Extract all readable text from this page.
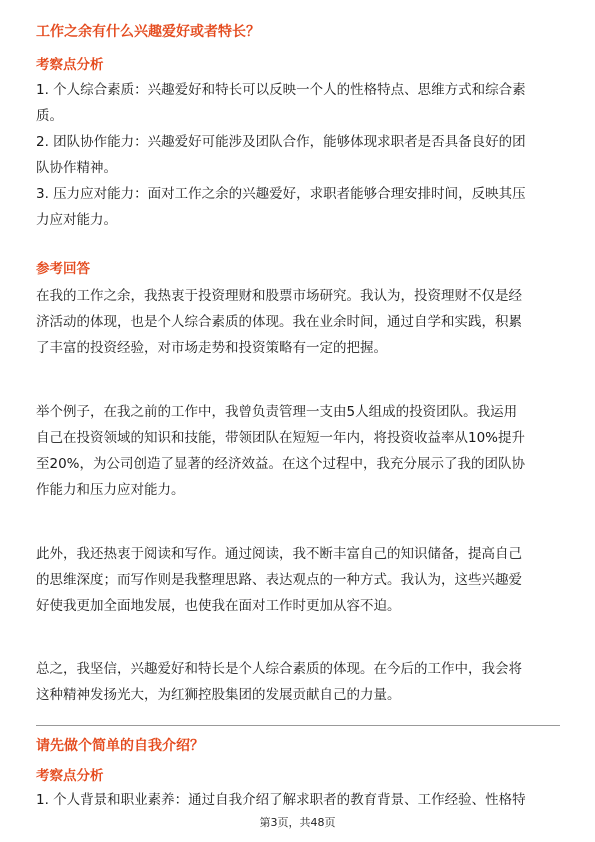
工作之余有什么兴趣爱好或者特长？
考察点分析

1. 个人综合素质：兴趣爱好和特长可以反映一个人的性格特点、思维方式和综合素

质。

2. 团队协作能力：兴趣爱好可能涉及团队合作，能够体现求职者是否具备良好的团

队协作精神。

3. 压力应对能力：面对工作之余的兴趣爱好，求职者能够合理安排时间，反映其压

力应对能力。

参考回答

在我的工作之余，我热衷于投资理财和股票市场研究。我认为，投资理财不仅是经

济活动的体现，也是个人综合素质的体现。我在业余时间，通过自学和实践，积累

了丰富的投资经验，对市场走势和投资策略有一定的把握。

举个例子，在我之前的工作中，我曾负责管理一支由5人组成的投资团队。我运用

自己在投资领域的知识和技能，带领团队在短短一年内，将投资收益率从10%提升

至20%，为公司创造了显著的经济效益。在这个过程中，我充分展示了我的团队协

作能力和压力应对能力。

此外，我还热衷于阅读和写作。通过阅读，我不断丰富自己的知识储备，提高自己

的思维深度；而写作则是我整理思路、表达观点的一种方式。我认为，这些兴趣爱

好使我更加全面地发展，也使我在面对工作时更加从容不迫。

总之，我坚信，兴趣爱好和特长是个人综合素质的体现。在今后的工作中，我会将

这种精神发扬光大，为红狮控股集团的发展贡献自己的力量。

请先做个简单的自我介绍？
考察点分析

1. 个人背景和职业素养：通过自我介绍了解求职者的教育背景、工作经验、性格特

第3页，共48页
